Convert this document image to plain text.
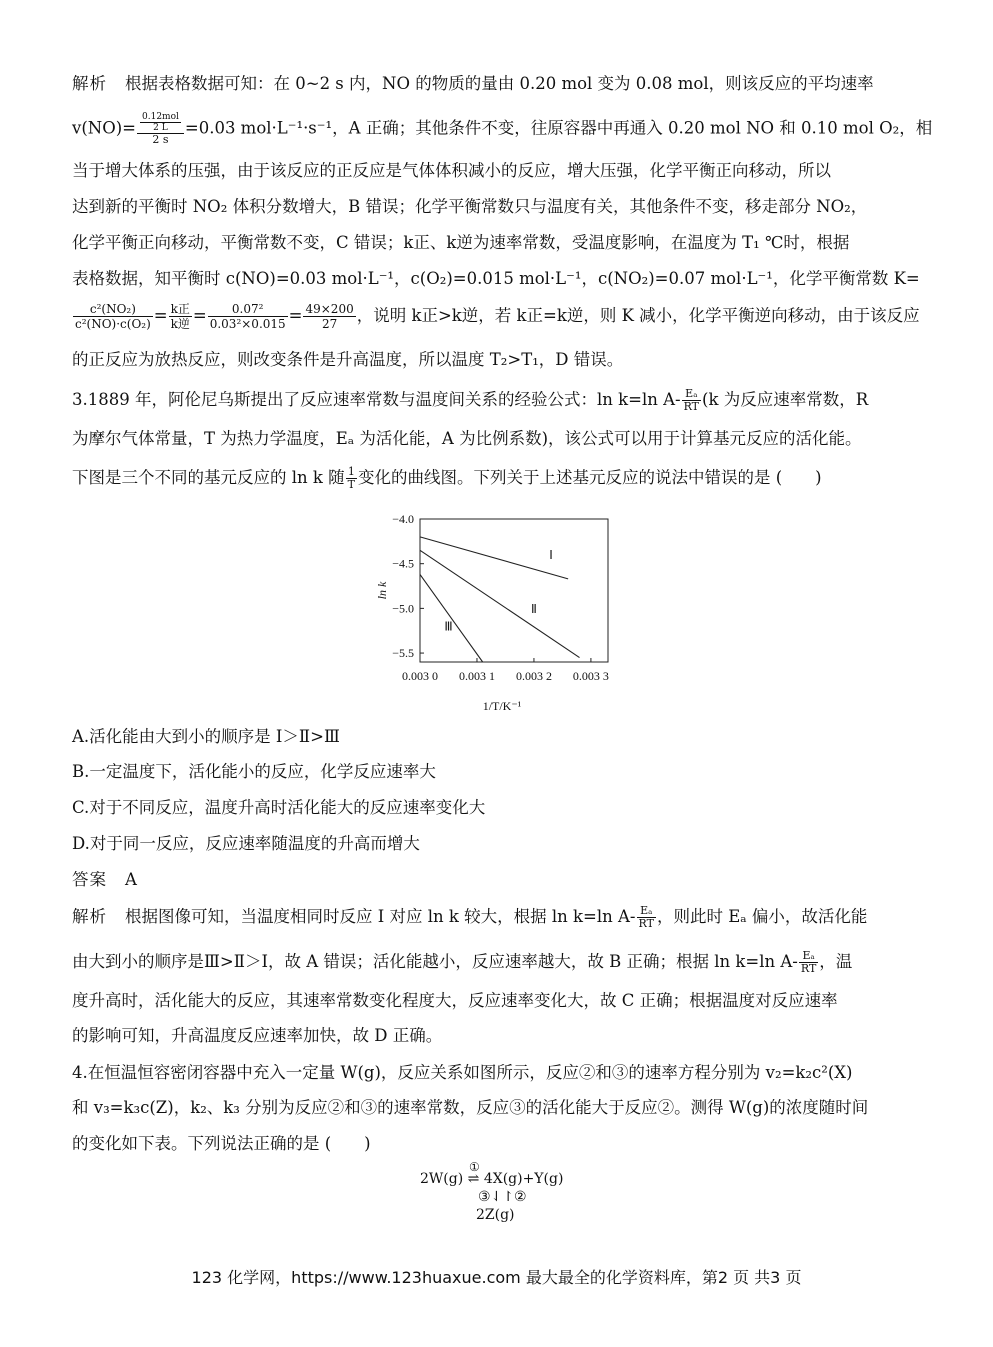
解析 根据表格数据可知：在 0~2 s 内，NO 的物质的量由 0.20 mol 变为 0.08 mol，则该反应的平均速率
$v(NO)= \frac{\frac{\text{0.12mol}}{2 L}}{2 s} =0.03$ mol·L⁻¹·s⁻¹，A 正确；其他条件不变，往原容器中再通入 0.20 mol NO 和 0.10 mol O₂，相
当于增大体系的压强，由于该反应的正反应是气体体积减小的反应，增大压强，化学平衡正向移动，所以
达到新的平衡时 NO₂ 体积分数增大，B 错误；化学平衡常数只与温度有关，其他条件不变，移走部分 NO₂，
化学平衡正向移动，平衡常数不变，C 错误；k正、k逆为速率常数，受温度影响，在温度为 T₁ ℃时，根据
表格数据，知平衡时 c(NO)=0.03 mol·L⁻¹，c(O₂)=0.015 mol·L⁻¹，c(NO₂)=0.07 mol·L⁻¹，化学平衡常数 K=
$\frac{\text{c²(NO₂)}}{\text{c²(NO)·c(O₂)}} = \frac{\text{k正}}{\text{k逆}} = \frac{\text{0.07²}}{\text{0.03²×0.015}} = \frac{49\times 200}{27}$ ，说明 k正>k逆，若 k正=k逆，则 K 减小，化学平衡逆向移动，由于该反应
的正反应为放热反应，则改变条件是升高温度，所以温度 T₂>T₁，D 错误。
3.1889 年，阿伦尼乌斯提出了反应速率常数与温度间关系的经验公式：ln k=ln $A- \frac{\text{Eₐ}}{RT} (k$ 为反应速率常数，R
为摩尔气体常量，T 为热力学温度，Eₐ 为活化能，A 为比例系数)，该公式可以用于计算基元反应的活化能。
下图是三个不同的基元反应的 ln k 随 $\frac{1}{T}$ 变化的曲线图。下列关于上述基元反应的说法中错误的是 (　　)
−4.0
−4.5
−5.0
−5.5
0.003 0 0.003 1 0.003 2 0.003 3
ln k
1/T/K⁻¹
Ⅰ
Ⅱ
Ⅲ
A.活化能由大到小的顺序是 Ⅰ＞Ⅱ>Ⅲ
B.一定温度下，活化能小的反应，化学反应速率大
C.对于不同反应，温度升高时活化能大的反应速率变化大
D.对于同一反应，反应速率随温度的升高而增大
答案 A
解析 根据图像可知，当温度相同时反应 Ⅰ 对应 ln k 较大，根据 ln k=ln $A- \frac{\text{Eₐ}}{RT}$ ，则此时 Eₐ 偏小，故活化能
由大到小的顺序是Ⅲ>Ⅱ＞Ⅰ，故 A 错误；活化能越小，反应速率越大，故 B 正确；根据 ln k=ln $A- \frac{\text{Eₐ}}{RT}$ ，温
度升高时，活化能大的反应，其速率常数变化程度大，反应速率变化大，故 C 正确；根据温度对反应速率
的影响可知，升高温度反应速率加快，故 D 正确。
4.在恒温恒容密闭容器中充入一定量 W(g)，反应关系如图所示，反应②和③的速率方程分别为 v₂=k₂c²(X)
和 v₃=k₃c(Z)，k₂、k₃ 分别为反应②和③的速率常数，反应③的活化能大于反应②。测得 W(g)的浓度随时间
的变化如下表。下列说法正确的是 (　　)
2W(g) ⇌ 4X(g)+Y(g)
①
③⇃↾②
2Z(g)
123 化学网，https://www.123huaxue.com 最大最全的化学资料库，第2 页 共3 页
